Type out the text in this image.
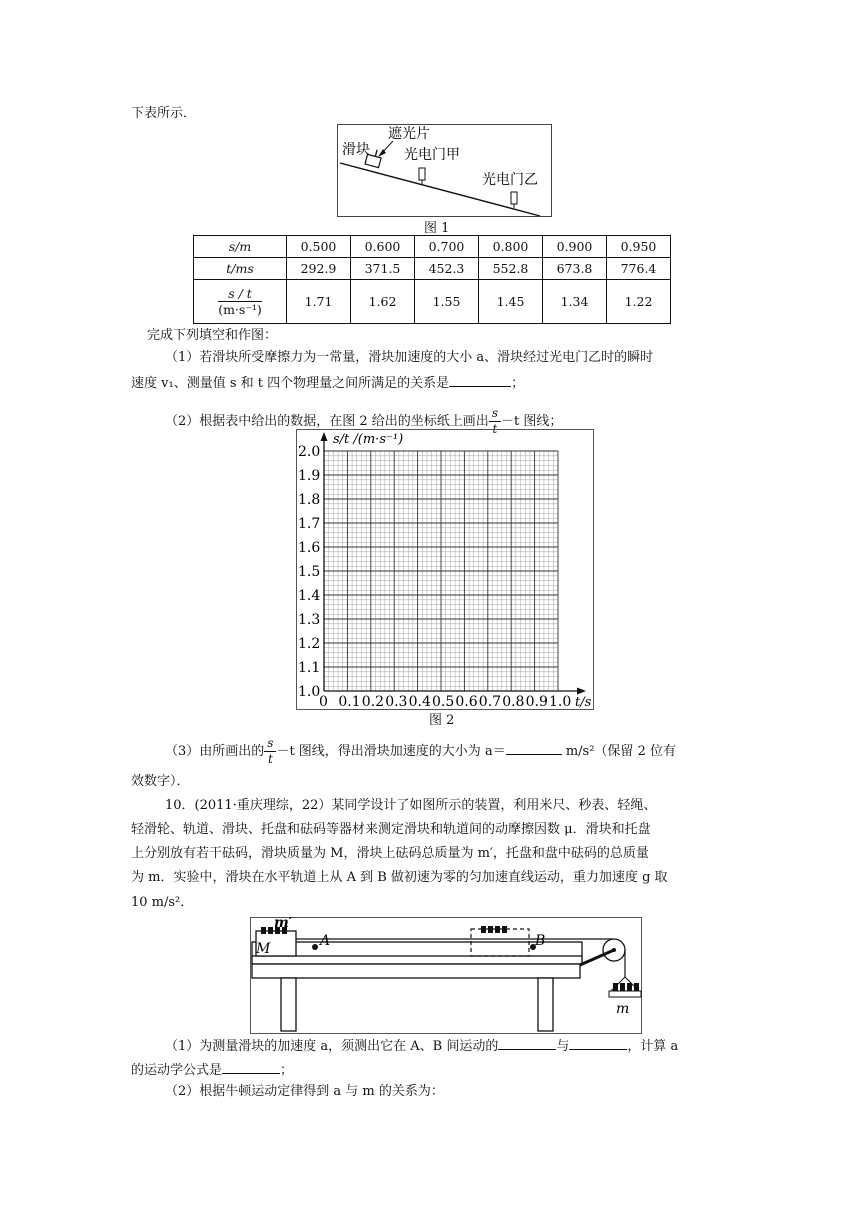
下表所示．
遮光片
滑块 光电门甲
光电门乙
图 1
s/m	0.500	0.600	0.700	0.800	0.900	0.950
t/ms	292.9	371.5	452.3	552.8	673.8	776.4

$\frac{s / t}{\text{(m·s⁻¹)}}$	1.71	1.62	1.55	1.45	1.34	1.22
完成下列填空和作图：
（1）若滑块所受摩擦力为一常量，滑块加速度的大小 a、滑块经过光电门乙时的瞬时
速度 v₁、测量值 s 和 t 四个物理量之间所满足的关系是	；
（2）根据表中给出的数据，在图 2 给出的坐标纸上画出 $\frac{s}{t} -t$ 图线；
s/t /(m·s⁻¹)
2.0
1.9
1.8
1.7
1.6
1.5
1.4
1.3
1.2
1.1
1.0
0 0.1 0.2 0.3 0.4 0.5 0.6 0.7 0.8 0.9 1.0 t/s
图 2
（3）由所画出的 $\frac{s}{t} -t$ 图线，得出滑块加速度的大小为 a＝	m/s²（保留 2 位有
效数字）．
10．(2011·重庆理综，22）某同学设计了如图所示的装置，利用米尺、秒表、轻绳、
轻滑轮、轨道、滑块、托盘和砝码等器材来测定滑块和轨道间的动摩擦因数 μ．滑块和托盘
上分别放有若干砝码，滑块质量为 M，滑块上砝码总质量为 m′，托盘和盘中砝码的总质量
为 m．实验中，滑块在水平轨道上从 A 到 B 做初速为零的匀加速直线运动，重力加速度 g 取
10 m/s²．
m′
M	A	B
m
（1）为测量滑块的加速度 a，须测出它在 A、B 间运动的	与	，计算 a
的运动学公式是	；
（2）根据牛顿运动定律得到 a 与 m 的关系为：
